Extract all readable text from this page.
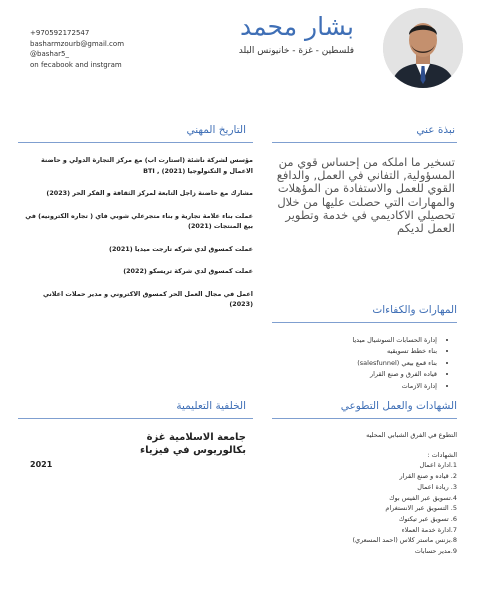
بشار محمد
فلسطين - غزة - خانيونس البلد
+970592172547
basharmzourb@gmail.com
@bashar5_
on fecabook and instgram
نبذة عني
تسخير ما املكه من إحساس قوي من المسؤولية, التفاني في العمل, والدافع القوي للعمل والاستفادة من المؤهلات والمهارات التي حصلت عليها من خلال تحصيلي الاكاديمي في خدمة وتطوير العمل لديكم
التاريخ المهني
مؤسس لشركة ناشئة (استارت اب) مع مركز التجارة الدولي و حاضنة الاعمال و التكنولوجيا BTI , (2021)
مشارك مع حاضنة زاجل التابعة لمركز الثقافة و الفكر الحر (2023)
عملت بناء علامة تجارية و بناء متجرعلي شوبي فاي ( تجاره الكترونيه) في بيع المنتجات (2021)
عملت كمسوق لدي شركه تارجت ميديا (2021)
عملت كمسوق لدي شركة تريسكو (2022)
اعمل في مجال العمل الحر كمسوق الاكتروني و مدير حملات اعلاني (2023)	المهارات والكفاءات
• إدارة الحسابات السوشيال ميديا
• بناء خطط تسويقيه
• بناء قمع بيعي (salesfunnel)
• قياده الفرق و صنع القرار
• إدارة الازمات
الخلفية التعليمية
جامعة الاسلامية غزة
بكالوريوس في فيزياء
2021
الشهادات والعمل التطوعي
التطوع في الفرق الشبابي المحليه
الشهادات :
1.ادارة اعمال
2. قياده و صنع القرار
3. ريادة اعمال
4.تسويق عبر الفيس بوك
5. التسويق عبر الانستغرام
6. تسويق عبر تيكتوك
7.ادارة خدمة العملاء
8.بزنس ماستر كلاس (احمد المسعري)
9.مدير حسابات
